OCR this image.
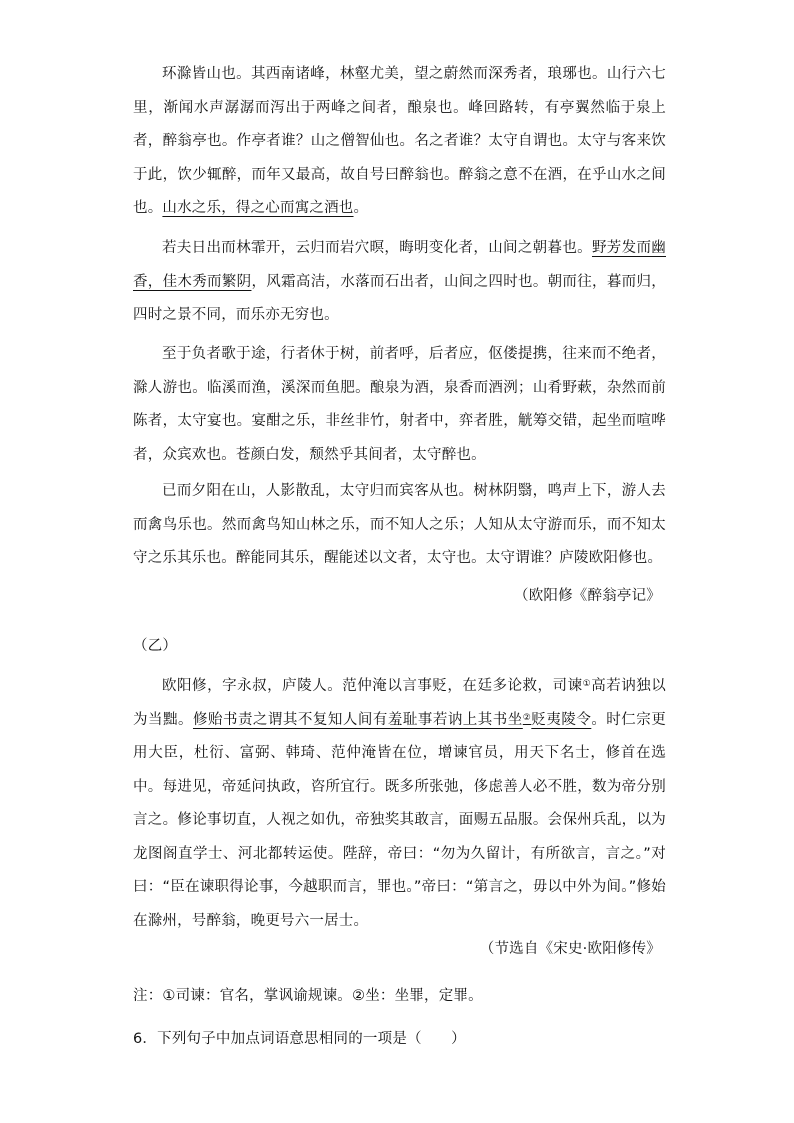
环滁皆山也。其西南诸峰，林壑尤美，望之蔚然而深秀者，琅琊也。山行六七里，渐闻水声潺潺而泻出于两峰之间者，酿泉也。峰回路转，有亭翼然临于泉上者，醉翁亭也。作亭者谁？山之僧智仙也。名之者谁？太守自谓也。太守与客来饮于此，饮少辄醉，而年又最高，故自号曰醉翁也。醉翁之意不在酒，在乎山水之间也。山水之乐，得之心而寓之酒也。

若夫日出而林霏开，云归而岩穴暝，晦明变化者，山间之朝暮也。野芳发而幽香，佳木秀而繁阴，风霜高洁，水落而石出者，山间之四时也。朝而往，暮而归，四时之景不同，而乐亦无穷也。

至于负者歌于途，行者休于树，前者呼，后者应，伛偻提携，往来而不绝者，滁人游也。临溪而渔，溪深而鱼肥。酿泉为酒，泉香而酒洌；山肴野蔌，杂然而前陈者，太守宴也。宴酣之乐，非丝非竹，射者中，弈者胜，觥筹交错，起坐而喧哗者，众宾欢也。苍颜白发，颓然乎其间者，太守醉也。

已而夕阳在山，人影散乱，太守归而宾客从也。树林阴翳，鸣声上下，游人去而禽鸟乐也。然而禽鸟知山林之乐，而不知人之乐；人知从太守游而乐，而不知太守之乐其乐也。醉能同其乐，醒能述以文者，太守也。太守谓谁？庐陵欧阳修也。

（欧阳修《醉翁亭记》

（乙）

欧阳修，字永叔，庐陵人。范仲淹以言事贬，在廷多论救，司谏①高若讷独以为当黜。修贻书责之谓其不复知人间有羞耻事若讷上其书坐②贬夷陵令。时仁宗更用大臣，杜衍、富弼、韩琦、范仲淹皆在位，增谏官员，用天下名士，修首在选中。每进见，帝延问执政，咨所宜行。既多所张弛，侈虑善人必不胜，数为帝分别言之。修论事切直，人视之如仇，帝独奖其敢言，面赐五品服。会保州兵乱，以为龙图阁直学士、河北都转运使。陛辞，帝曰：“勿为久留计，有所欲言，言之。”对曰：“臣在谏职得论事，今越职而言，罪也。”帝曰：“第言之，毋以中外为间。”修始在滁州，号醉翁，晚更号六一居士。

（节选自《宋史·欧阳修传》

注：①司谏：官名，掌讽谕规谏。②坐：坐罪，定罪。

6．下列句子中加点词语意思相同的一项是（　　）
